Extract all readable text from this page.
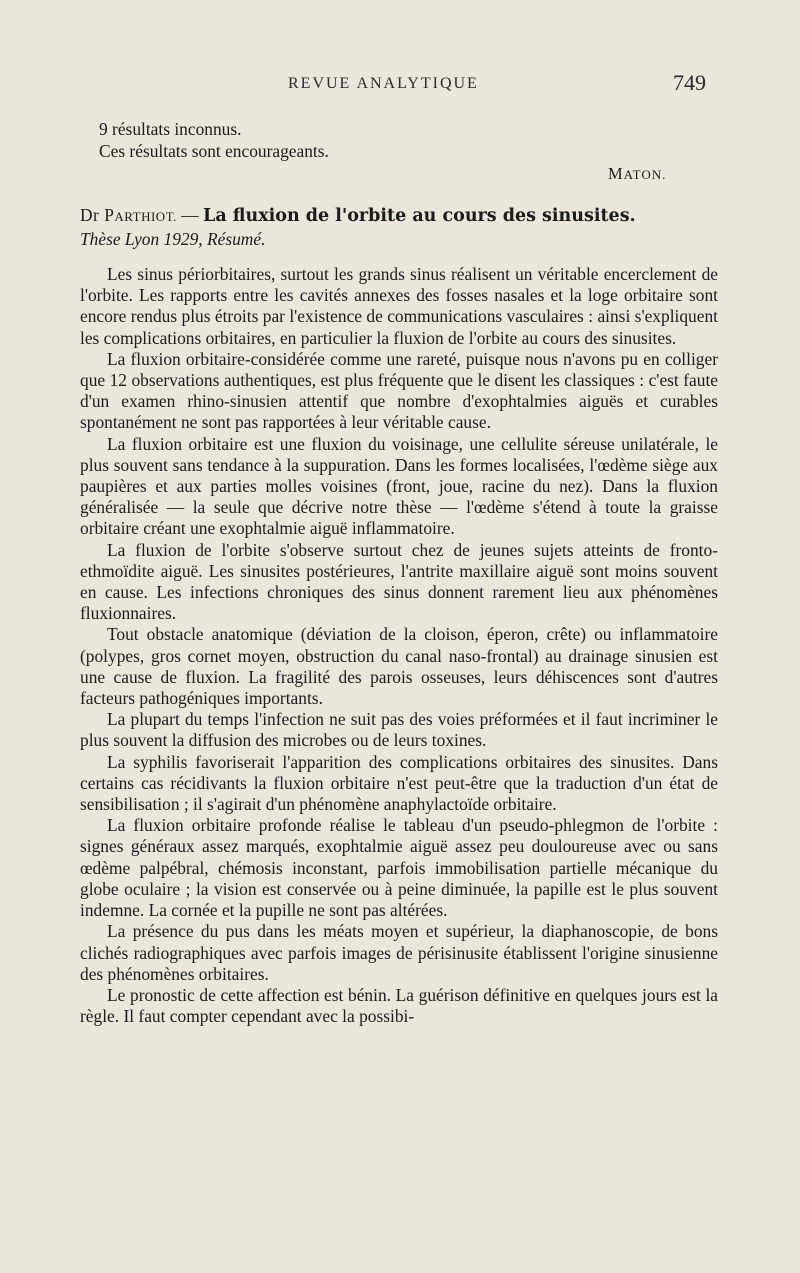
REVUE ANALYTIQUE	749

9 résultats inconnus.

Ces résultats sont encourageants.

MATON.
Dr PARTHIOT. — La fluxion de l'orbite au cours des sinusites.
Thèse Lyon 1929, Résumé.

Les sinus périorbitaires, surtout les grands sinus réalisent un véritable encerclement de l'orbite. Les rapports entre les cavités annexes des fosses nasales et la loge orbitaire sont encore rendus plus étroits par l'existence de communications vasculaires : ainsi s'expliquent les complications orbitaires, en particulier la fluxion de l'orbite au cours des sinusites.

La fluxion orbitaire-considérée comme une rareté, puisque nous n'avons pu en colliger que 12 observations authentiques, est plus fréquente que le disent les classiques : c'est faute d'un examen rhino-sinusien attentif que nombre d'exophtalmies aiguës et curables spontanément ne sont pas rapportées à leur véritable cause.

La fluxion orbitaire est une fluxion du voisinage, une cellulite séreuse unilatérale, le plus souvent sans tendance à la suppuration. Dans les formes localisées, l'œdème siège aux paupières et aux parties molles voisines (front, joue, racine du nez). Dans la fluxion généralisée — la seule que décrive notre thèse — l'œdème s'étend à toute la graisse orbitaire créant une exophtalmie aiguë inflammatoire.

La fluxion de l'orbite s'observe surtout chez de jeunes sujets atteints de fronto-ethmoïdite aiguë. Les sinusites postérieures, l'antrite maxillaire aiguë sont moins souvent en cause. Les infections chroniques des sinus donnent rarement lieu aux phénomènes fluxionnaires.

Tout obstacle anatomique (déviation de la cloison, éperon, crête) ou inflammatoire (polypes, gros cornet moyen, obstruction du canal naso-frontal) au drainage sinusien est une cause de fluxion. La fragilité des parois osseuses, leurs déhiscences sont d'autres facteurs pathogéniques importants.

La plupart du temps l'infection ne suit pas des voies préformées et il faut incriminer le plus souvent la diffusion des microbes ou de leurs toxines.

La syphilis favoriserait l'apparition des complications orbitaires des sinusites. Dans certains cas récidivants la fluxion orbitaire n'est peut-être que la traduction d'un état de sensibilisation ; il s'agirait d'un phénomène anaphylactoïde orbitaire.

La fluxion orbitaire profonde réalise le tableau d'un pseudo-phlegmon de l'orbite : signes généraux assez marqués, exophtalmie aiguë assez peu douloureuse avec ou sans œdème palpébral, chémosis inconstant, parfois immobilisation partielle mécanique du globe oculaire ; la vision est conservée ou à peine diminuée, la papille est le plus souvent indemne. La cornée et la pupille ne sont pas altérées.

La présence du pus dans les méats moyen et supérieur, la diaphanoscopie, de bons clichés radiographiques avec parfois images de périsinusite établissent l'origine sinusienne des phénomènes orbitaires.

Le pronostic de cette affection est bénin. La guérison définitive en quelques jours est la règle. Il faut compter cependant avec la possibi-
